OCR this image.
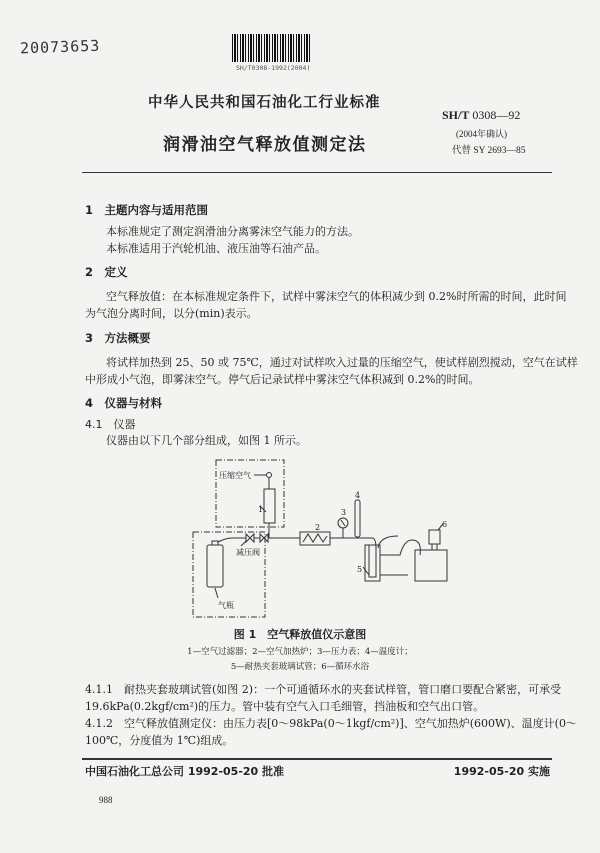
20073653
SH/T0308-1992(2004)
中华人民共和国石油化工行业标准
润滑油空气释放值测定法
SH/T 0308—92
(2004年确认)
代替 SY 2693—85
1　主题内容与适用范围
本标准规定了测定润滑油分离雾沫空气能力的方法。
本标准适用于汽轮机油、液压油等石油产品。
2　定义
空气释放值：在本标准规定条件下，试样中雾沫空气的体积减少到 0.2%时所需的时间，此时间
为气泡分离时间，以分(min)表示。
3　方法概要
将试样加热到 25、50 或 75℃，通过对试样吹入过量的压缩空气，使试样剧烈搅动，空气在试样
中形成小气泡，即雾沫空气。停气后记录试样中雾沫空气体积减到 0.2%的时间。
4　仪器与材料
4.1　仪器
仪器由以下几个部分组成，如图 1 所示。
压缩空气
减压阀
气瓶
1
2
3
4
5
6
图 1　空气释放值仪示意图
1—空气过滤器；2—空气加热炉；3—压力表；4—温度计；
5—耐热夹套玻璃试管；6—循环水浴
4.1.1　耐热夹套玻璃试管(如图 2)：一个可通循环水的夹套试样管，管口磨口要配合紧密，可承受
19.6kPa(0.2kgf/cm²)的压力。管中装有空气入口毛细管，挡油板和空气出口管。
4.1.2　空气释放值测定仪：由压力表[0～98kPa(0～1kgf/cm²)]、空气加热炉(600W)、温度计(0～
100℃，分度值为 1℃)组成。
中国石油化工总公司 1992-05-20 批准	1992-05-20 实施
988
